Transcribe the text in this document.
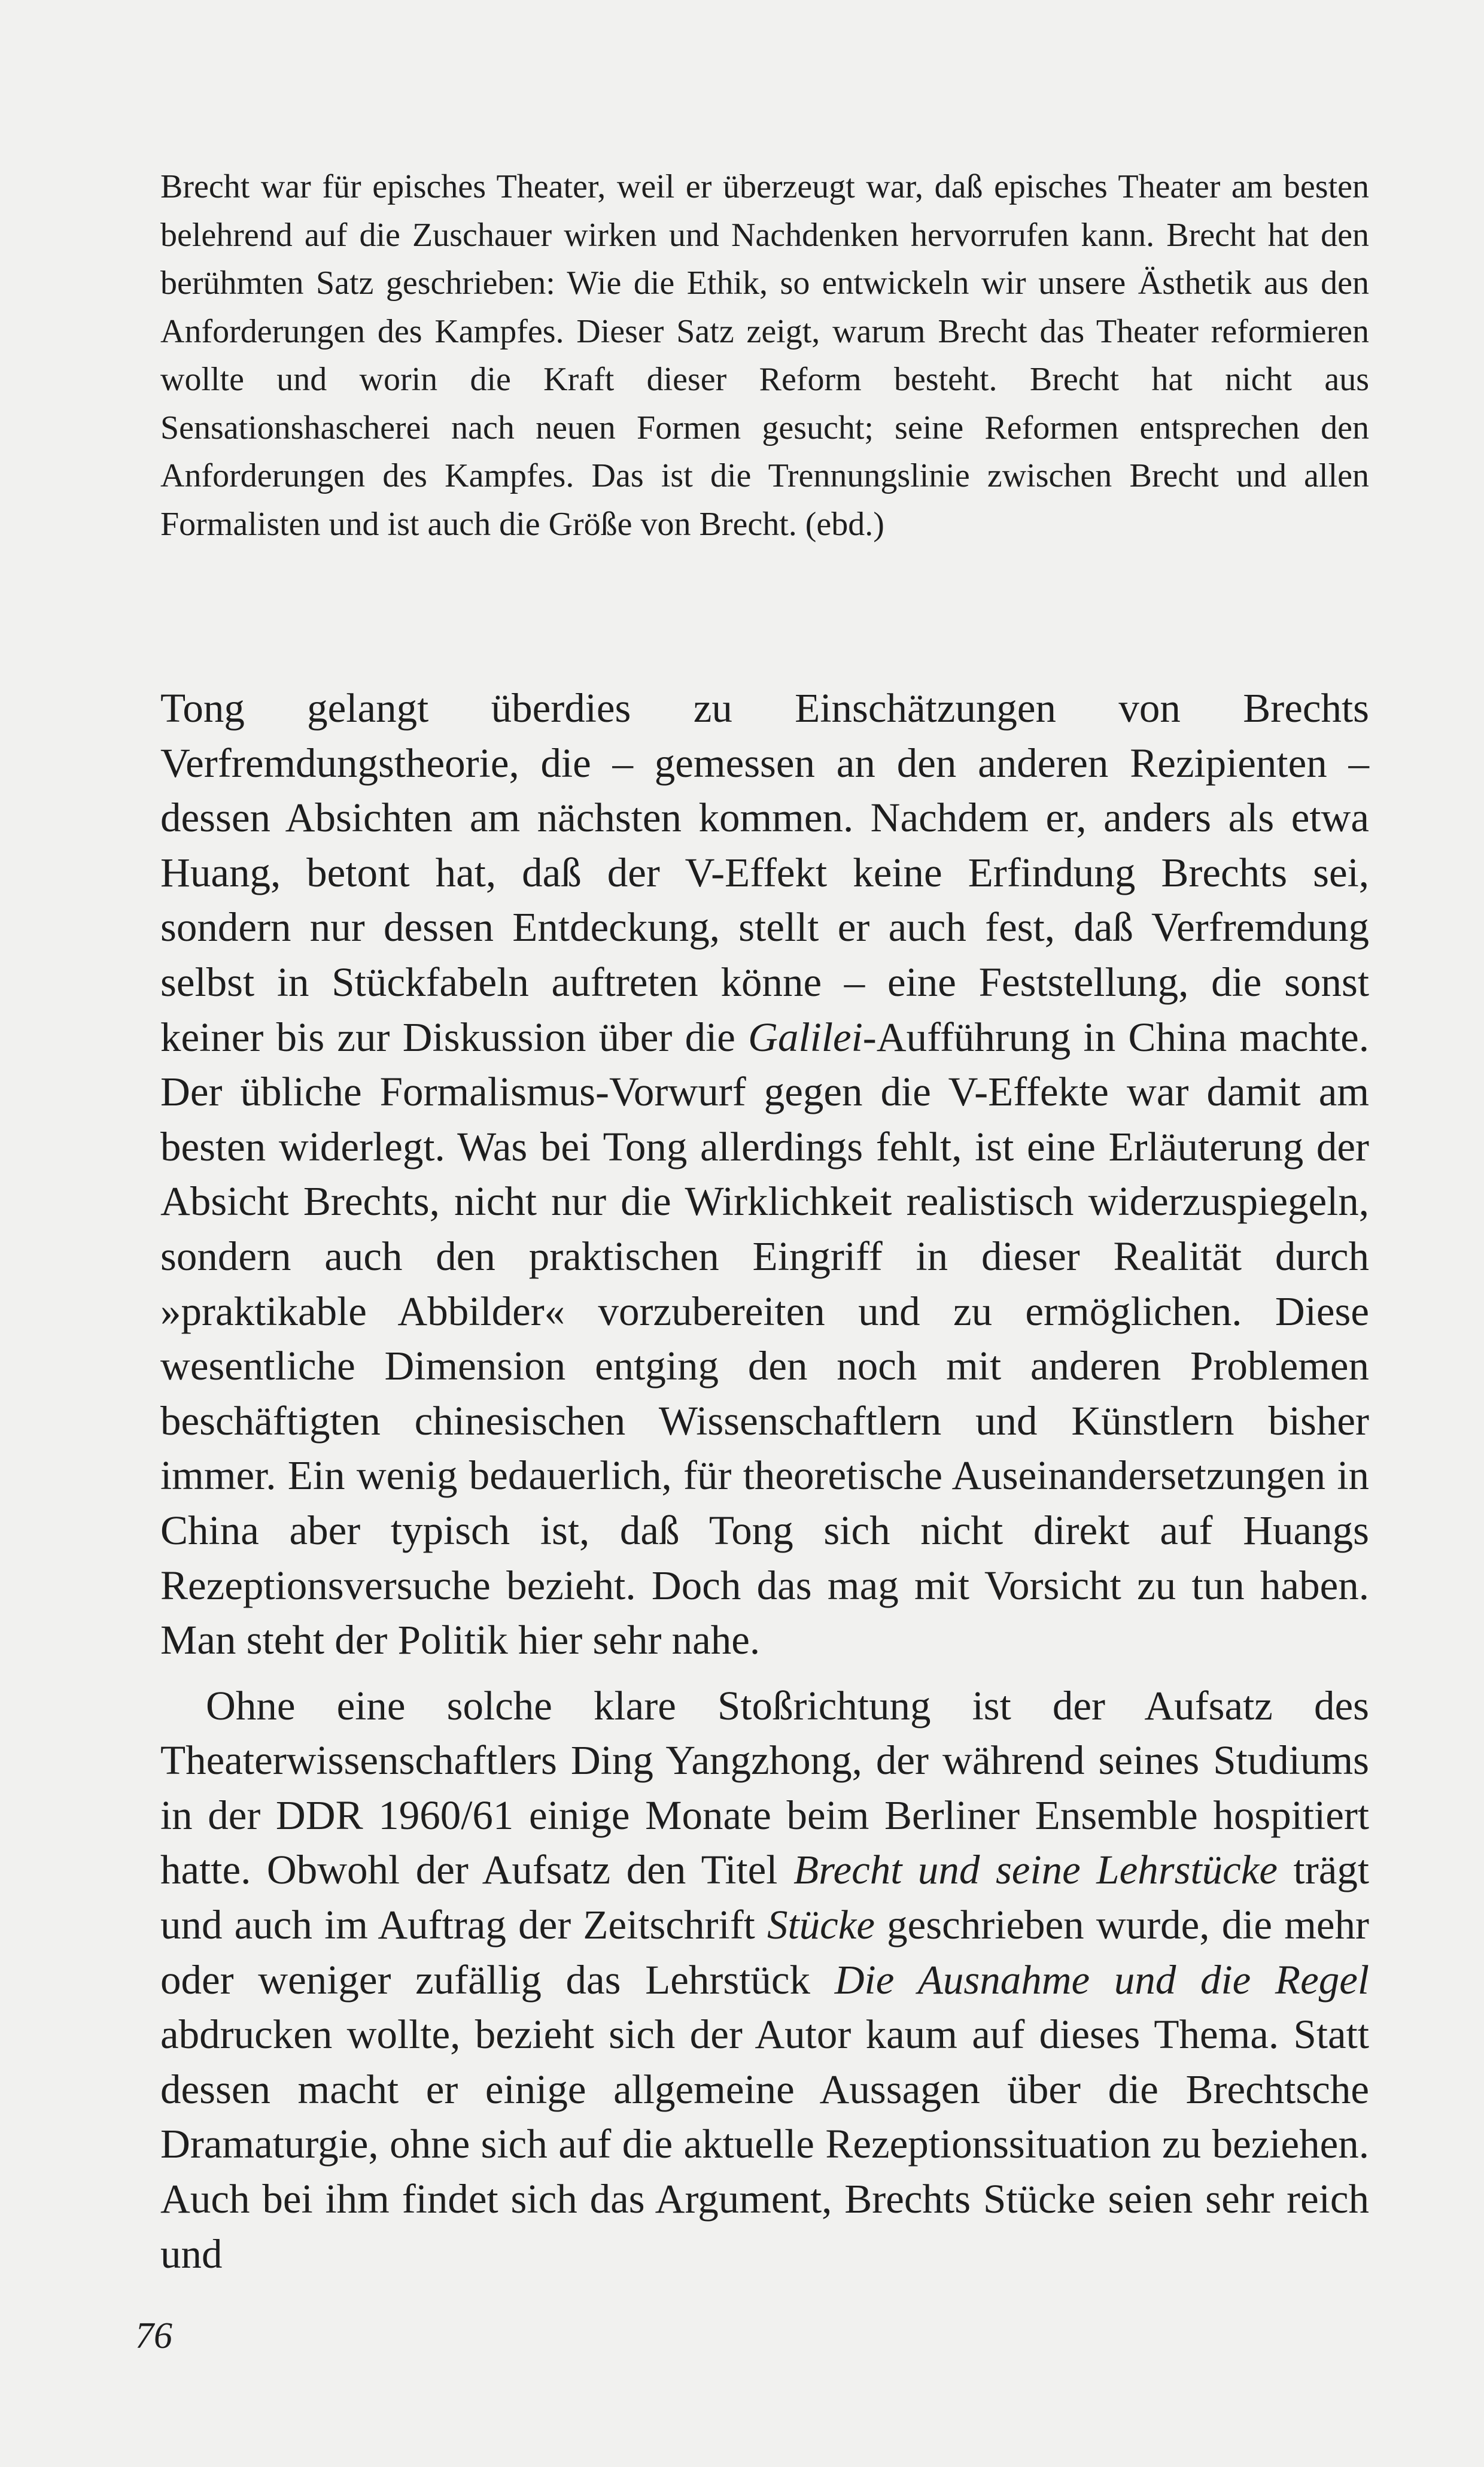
Brecht war für episches Theater, weil er überzeugt war, daß episches Theater am besten belehrend auf die Zuschauer wirken und Nachdenken hervorrufen kann. Brecht hat den berühmten Satz geschrieben: Wie die Ethik, so entwickeln wir unsere Ästhetik aus den Anforderungen des Kampfes. Dieser Satz zeigt, warum Brecht das Theater reformieren wollte und worin die Kraft dieser Reform besteht. Brecht hat nicht aus Sensationshascherei nach neuen Formen gesucht; seine Reformen entsprechen den Anforderungen des Kampfes. Das ist die Trennungslinie zwischen Brecht und allen Formalisten und ist auch die Größe von Brecht. (ebd.)

Tong gelangt überdies zu Einschätzungen von Brechts Verfremdungstheorie, die – gemessen an den anderen Rezipienten – dessen Absichten am nächsten kommen. Nachdem er, anders als etwa Huang, betont hat, daß der V-Effekt keine Erfindung Brechts sei, sondern nur dessen Entdeckung, stellt er auch fest, daß Verfremdung selbst in Stückfabeln auftreten könne – eine Feststellung, die sonst keiner bis zur Diskussion über die Galilei-Aufführung in China machte. Der übliche Formalismus-Vorwurf gegen die V-Effekte war damit am besten widerlegt. Was bei Tong allerdings fehlt, ist eine Erläuterung der Absicht Brechts, nicht nur die Wirklichkeit realistisch widerzuspiegeln, sondern auch den praktischen Eingriff in dieser Realität durch »praktikable Abbilder« vorzubereiten und zu ermöglichen. Diese wesentliche Dimension entging den noch mit anderen Problemen beschäftigten chinesischen Wissenschaftlern und Künstlern bisher immer. Ein wenig bedauerlich, für theoretische Auseinandersetzungen in China aber typisch ist, daß Tong sich nicht direkt auf Huangs Rezeptionsversuche bezieht. Doch das mag mit Vorsicht zu tun haben. Man steht der Politik hier sehr nahe.

Ohne eine solche klare Stoßrichtung ist der Aufsatz des Theaterwissenschaftlers Ding Yangzhong, der während seines Studiums in der DDR 1960/61 einige Monate beim Berliner Ensemble hospitiert hatte. Obwohl der Aufsatz den Titel Brecht und seine Lehrstücke trägt und auch im Auftrag der Zeitschrift Stücke geschrieben wurde, die mehr oder weniger zufällig das Lehrstück Die Ausnahme und die Regel abdrucken wollte, bezieht sich der Autor kaum auf dieses Thema. Statt dessen macht er einige allgemeine Aussagen über die Brechtsche Dramaturgie, ohne sich auf die aktuelle Rezeptionssituation zu beziehen. Auch bei ihm findet sich das Argument, Brechts Stücke seien sehr reich und

76
